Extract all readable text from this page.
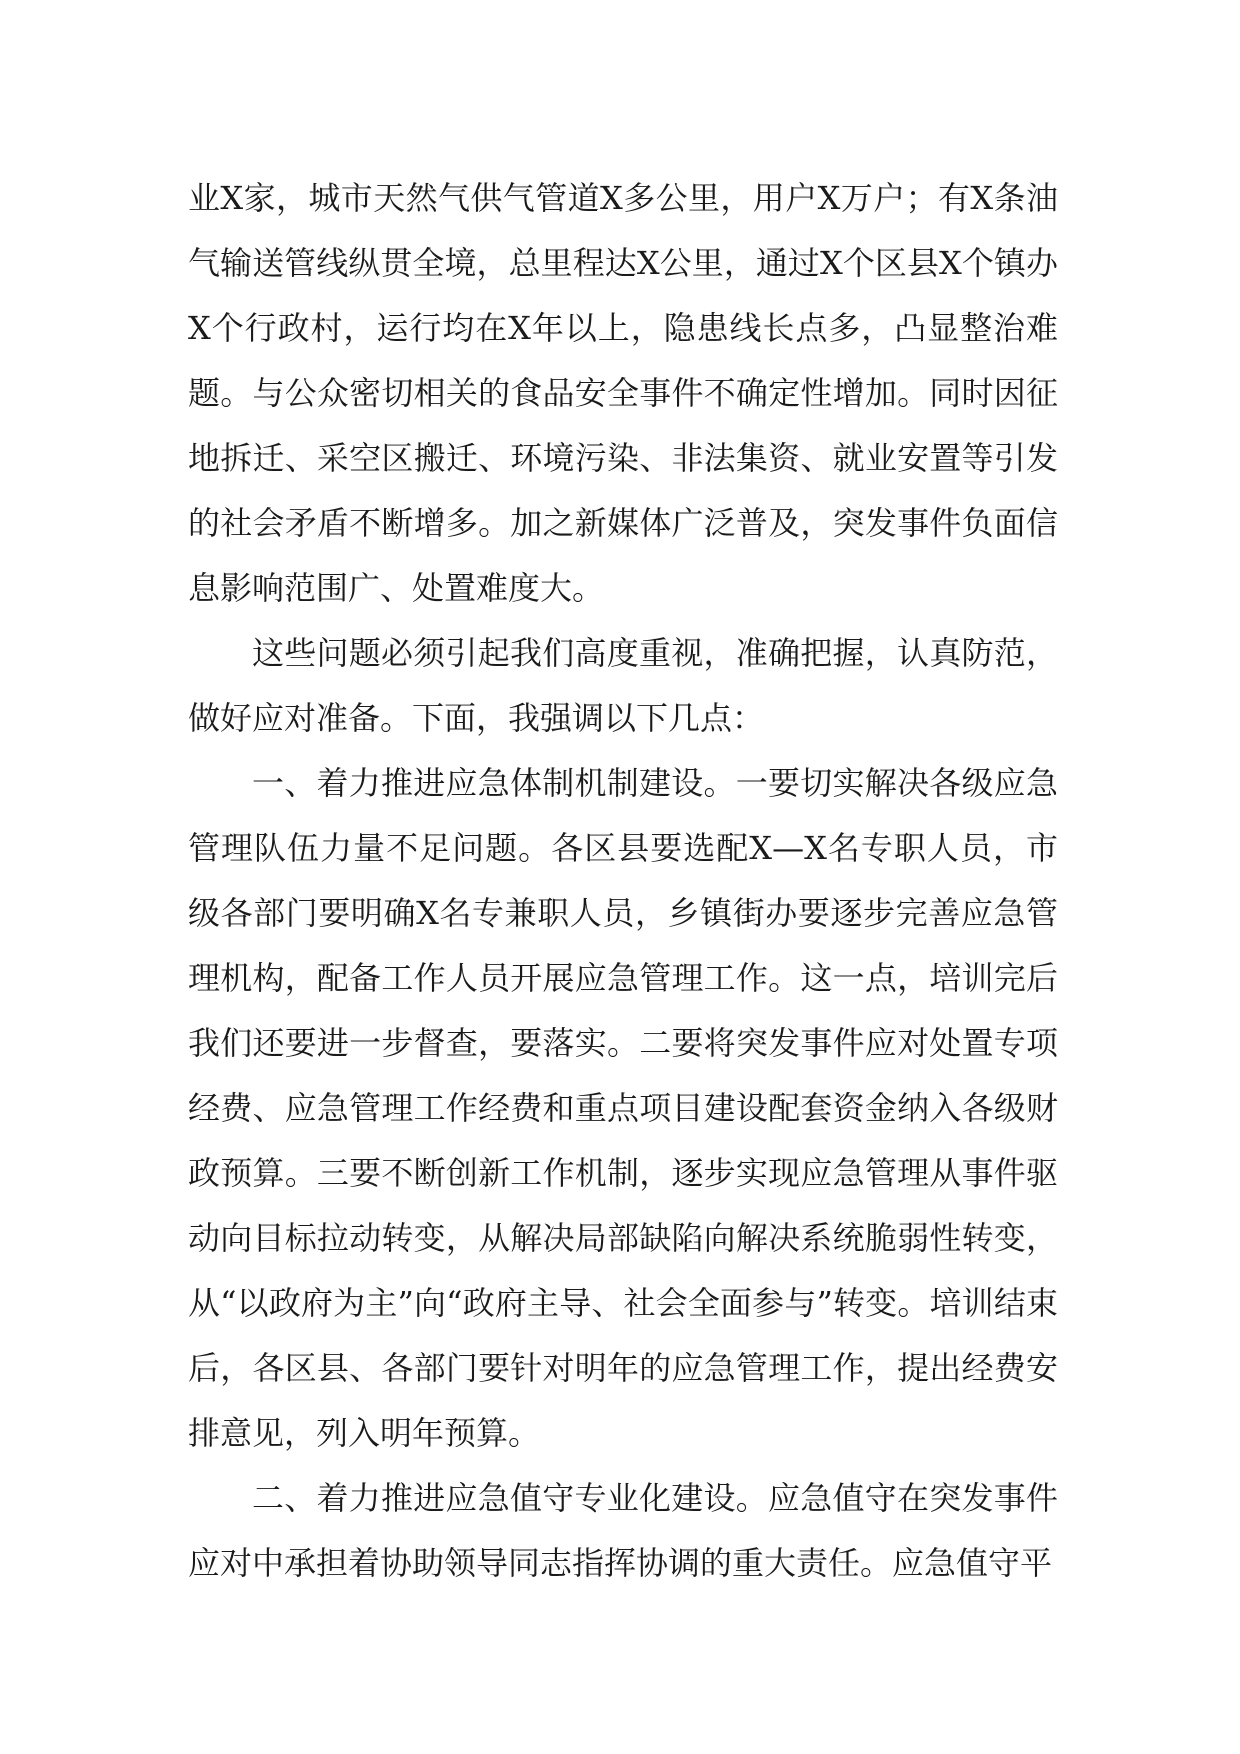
业X家，城市天然气供气管道X多公里，用户X万户；有X条油气输送管线纵贯全境，总里程达X公里，通过X个区县X个镇办X个行政村，运行均在X年以上，隐患线长点多，凸显整治难题。与公众密切相关的食品安全事件不确定性增加。同时因征地拆迁、采空区搬迁、环境污染、非法集资、就业安置等引发的社会矛盾不断增多。加之新媒体广泛普及，突发事件负面信息影响范围广、处置难度大。

这些问题必须引起我们高度重视，准确把握，认真防范，做好应对准备。下面，我强调以下几点：

一、着力推进应急体制机制建设。一要切实解决各级应急管理队伍力量不足问题。各区县要选配X—X名专职人员，市级各部门要明确X名专兼职人员，乡镇街办要逐步完善应急管理机构，配备工作人员开展应急管理工作。这一点，培训完后我们还要进一步督查，要落实。二要将突发事件应对处置专项经费、应急管理工作经费和重点项目建设配套资金纳入各级财政预算。三要不断创新工作机制，逐步实现应急管理从事件驱动向目标拉动转变，从解决局部缺陷向解决系统脆弱性转变，从“以政府为主”向“政府主导、社会全面参与”转变。培训结束后，各区县、各部门要针对明年的应急管理工作，提出经费安排意见，列入明年预算。

二、着力推进应急值守专业化建设。应急值守在突发事件应对中承担着协助领导同志指挥协调的重大责任。应急值守平
